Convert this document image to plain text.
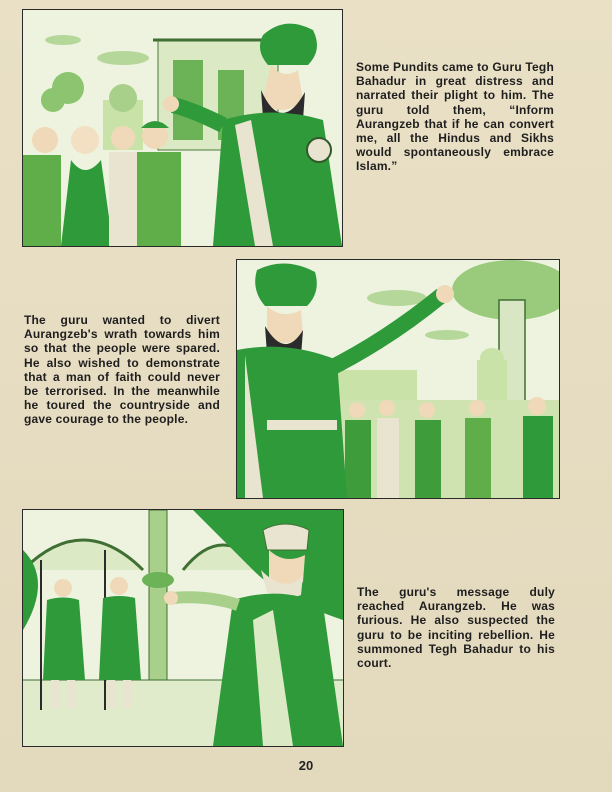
Some Pundits came to Guru Tegh Bahadur in great distress and narrated their plight to him. The guru told them, “Inform Aurangzeb that if he can convert me, all the Hindus and Sikhs would spontaneously embrace Islam.”
The guru wanted to divert Aurangzeb's wrath towards him so that the people were spared. He also wished to demonstrate that a man of faith could never be terrorised. In the meanwhile he toured the countryside and gave courage to the people.
The guru's message duly reached Aurangzeb. He was furious. He also suspected the guru to be inciting rebellion. He summoned Tegh Bahadur to his court.
20
